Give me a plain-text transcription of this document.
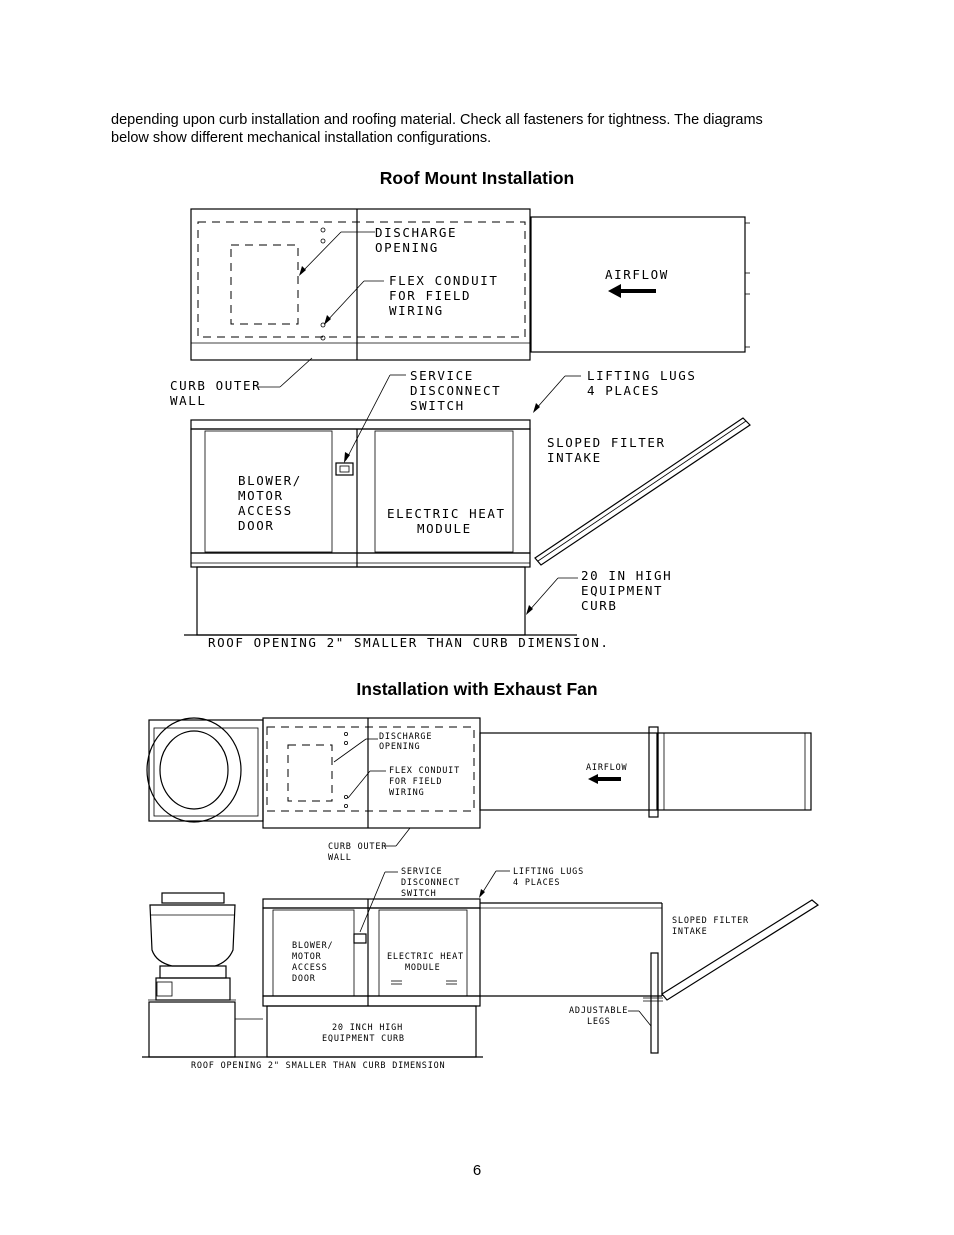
depending upon curb installation and roofing material. Check all fasteners for tightness. The diagrams
below show different mechanical installation configurations.
Roof Mount Installation
Installation with Exhaust Fan
DISCHARGE
OPENING
FLEX CONDUIT
FOR FIELD
WIRING
AIRFLOW
CURB OUTER
WALL
SERVICE
DISCONNECT
SWITCH
LIFTING LUGS
4 PLACES
SLOPED FILTER
INTAKE
BLOWER/
MOTOR
ACCESS
DOOR
ELECTRIC HEAT
MODULE
20 IN HIGH
EQUIPMENT
CURB
ROOF OPENING 2" SMALLER THAN CURB DIMENSION.
DISCHARGE
OPENING
FLEX CONDUIT
FOR FIELD
WIRING
AIRFLOW
CURB OUTER
WALL
SERVICE
DISCONNECT
SWITCH
LIFTING LUGS
4 PLACES
SLOPED FILTER
INTAKE
BLOWER/
MOTOR
ACCESS
DOOR
ELECTRIC HEAT
MODULE
20 INCH HIGH
EQUIPMENT CURB
ADJUSTABLE
LEGS
ROOF OPENING 2" SMALLER THAN CURB DIMENSION
6
